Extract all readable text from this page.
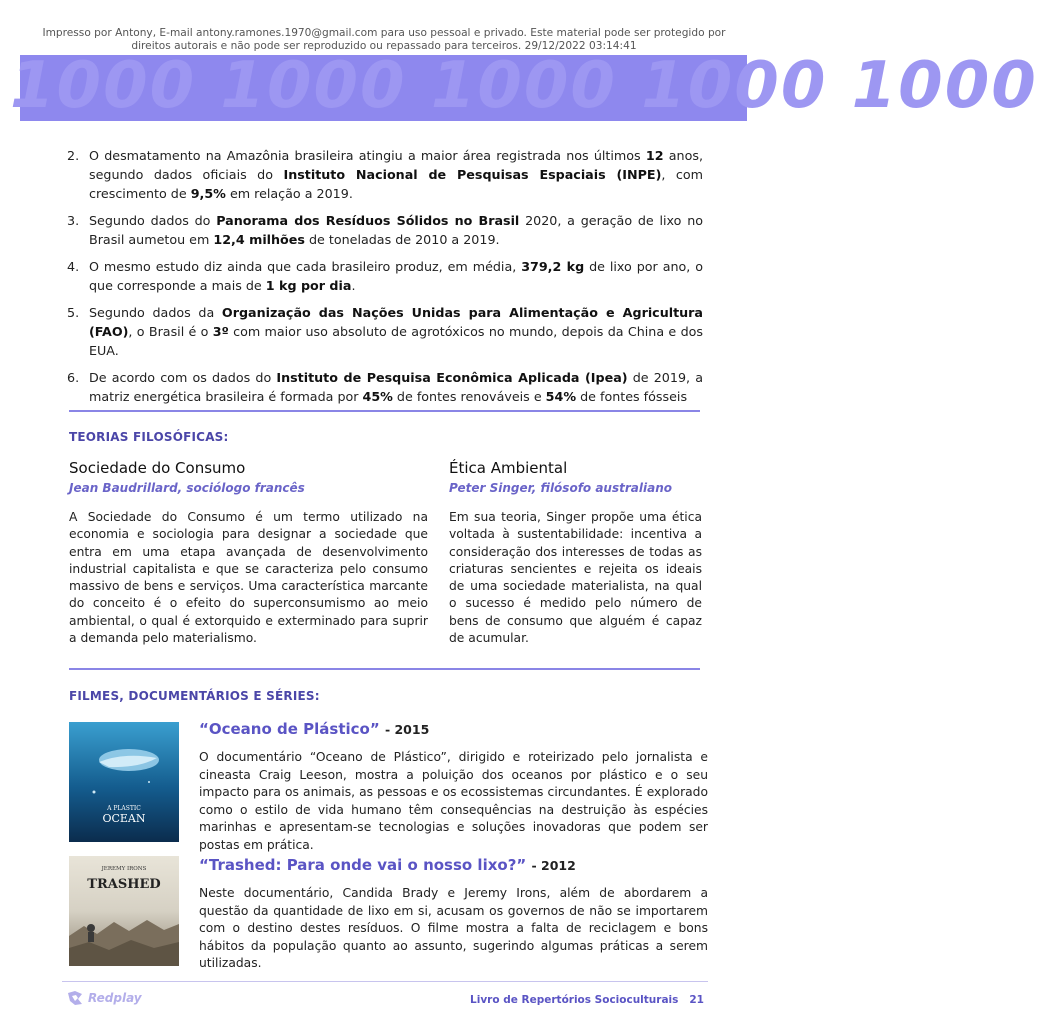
Impresso por Antony, E-mail antony.ramones.1970@gmail.com para uso pessoal e privado. Este material pode ser protegido por
direitos autorais e não pode ser reproduzido ou repassado para terceiros. 29/12/2022 03:14:41
1000 1000 1000 1000 1000
2. O desmatamento na Amazônia brasileira atingiu a maior área registrada nos últimos 12 anos, segundo dados oficiais do Instituto Nacional de Pesquisas Espaciais (INPE), com crescimento de 9,5% em relação a 2019.
3. Segundo dados do Panorama dos Resíduos Sólidos no Brasil 2020, a geração de lixo no Brasil aumetou em 12,4 milhões de toneladas de 2010 a 2019.
4. O mesmo estudo diz ainda que cada brasileiro produz, em média, 379,2 kg de lixo por ano, o que corresponde a mais de 1 kg por dia.
5. Segundo dados da Organização das Nações Unidas para Alimentação e Agricultura (FAO), o Brasil é o 3º com maior uso absoluto de agrotóxicos no mundo, depois da China e dos EUA.
6. De acordo com os dados do Instituto de Pesquisa Econômica Aplicada (Ipea) de 2019, a matriz energética brasileira é formada por 45% de fontes renováveis e 54% de fontes fósseis
TEORIAS FILOSÓFICAS:
Sociedade do Consumo
Jean Baudrillard, sociólogo francês
A Sociedade do Consumo é um termo utilizado na economia e sociologia para designar a sociedade que entra em uma etapa avançada de desenvolvimento industrial capitalista e que se caracteriza pelo consumo massivo de bens e serviços. Uma característica marcante do conceito é o efeito do superconsumismo ao meio ambiental, o qual é extorquido e exterminado para suprir a demanda pelo materialismo.
Ética Ambiental
Peter Singer, filósofo australiano
Em sua teoria, Singer propõe uma ética voltada à sustentabilidade: incentiva a consideração dos interesses de todas as criaturas sencientes e rejeita os ideais de uma sociedade materialista, na qual o sucesso é medido pelo número de bens de consumo que alguém é capaz de acumular.
FILMES, DOCUMENTÁRIOS E SÉRIES:
A PLASTIC
OCEAN
“Oceano de Plástico” - 2015
O documentário “Oceano de Plástico”, dirigido e roteirizado pelo jornalista e cineasta Craig Leeson, mostra a poluição dos oceanos por plástico e o seu impacto para os animais, as pessoas e os ecossistemas circundantes. É explorado como o estilo de vida humano têm consequências na destruição às espécies marinhas e apresentam-se tecnologias e soluções inovadoras que podem ser postas em prática.
JEREMY IRONS
TRASHED
“Trashed: Para onde vai o nosso lixo?” - 2012
Neste documentário, Candida Brady e Jeremy Irons, além de abordarem a questão da quantidade de lixo em si, acusam os governos de não se importarem com o destino destes resíduos. O filme mostra a falta de reciclagem e bons hábitos da população quanto ao assunto, sugerindo algumas práticas a serem utilizadas.
Redplay	Livro de Repertórios Socioculturais 21
